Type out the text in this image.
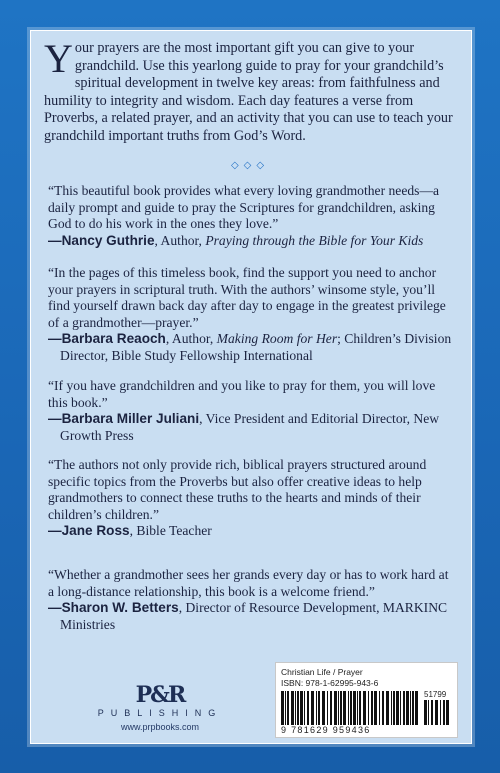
Your prayers are the most important gift you can give to your grandchild. Use this yearlong guide to pray for your grandchild’s spiritual development in twelve key areas: from faithfulness and humility to integrity and wisdom. Each day features a verse from Proverbs, a related prayer, and an activity that you can use to teach your grandchild important truths from God’s Word.
◇◇◇
“This beautiful book provides what every loving grandmother needs—a daily prompt and guide to pray the Scriptures for grandchildren, asking God to do his work in the ones they love.”
—Nancy Guthrie, Author, Praying through the Bible for Your Kids
“In the pages of this timeless book, find the support you need to anchor your prayers in scriptural truth. With the authors’ winsome style, you’ll find yourself drawn back day after day to engage in the greatest privilege of a grandmother—prayer.”
—Barbara Reaoch, Author, Making Room for Her; Children’s Division Director, Bible Study Fellowship International
“If you have grandchildren and you like to pray for them, you will love this book.”
—Barbara Miller Juliani, Vice President and Editorial Director, New Growth Press
“The authors not only provide rich, biblical prayers structured around specific topics from the Proverbs but also offer creative ideas to help grandmothers to connect these truths to the hearts and minds of their children’s children.”
—Jane Ross, Bible Teacher
“Whether a grandmother sees her grands every day or has to work hard at a long-distance relationship, this book is a welcome friend.”
—Sharon W. Betters, Director of Resource Development, MARKINC Ministries
P&R
PUBLISHING
www.prpbooks.com
Christian Life / Prayer
ISBN: 978-1-62995-943-6
51799
9 781629 959436
